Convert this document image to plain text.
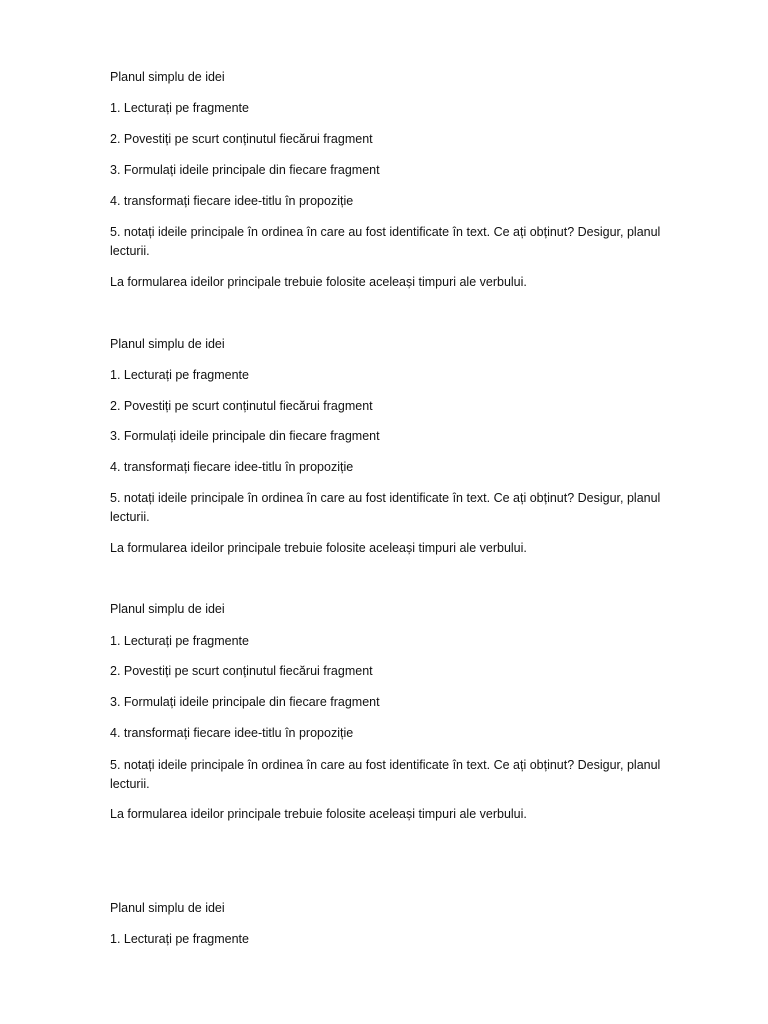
Planul simplu de idei

1. Lecturați pe fragmente

2. Povestiți pe scurt conținutul fiecărui fragment

3. Formulați ideile principale din fiecare fragment

4. transformați fiecare idee-titlu în propoziție

5. notați ideile principale în ordinea în care au fost identificate în text. Ce ați obținut? Desigur, planul lecturii.

La formularea ideilor principale trebuie folosite aceleași timpuri ale verbului.

Planul simplu de idei

1. Lecturați pe fragmente

2. Povestiți pe scurt conținutul fiecărui fragment

3. Formulați ideile principale din fiecare fragment

4. transformați fiecare idee-titlu în propoziție

5. notați ideile principale în ordinea în care au fost identificate în text. Ce ați obținut? Desigur, planul lecturii.

La formularea ideilor principale trebuie folosite aceleași timpuri ale verbului.

Planul simplu de idei

1. Lecturați pe fragmente

2. Povestiți pe scurt conținutul fiecărui fragment

3. Formulați ideile principale din fiecare fragment

4. transformați fiecare idee-titlu în propoziție

5. notați ideile principale în ordinea în care au fost identificate în text. Ce ați obținut? Desigur, planul lecturii.

La formularea ideilor principale trebuie folosite aceleași timpuri ale verbului.

Planul simplu de idei

1. Lecturați pe fragmente
